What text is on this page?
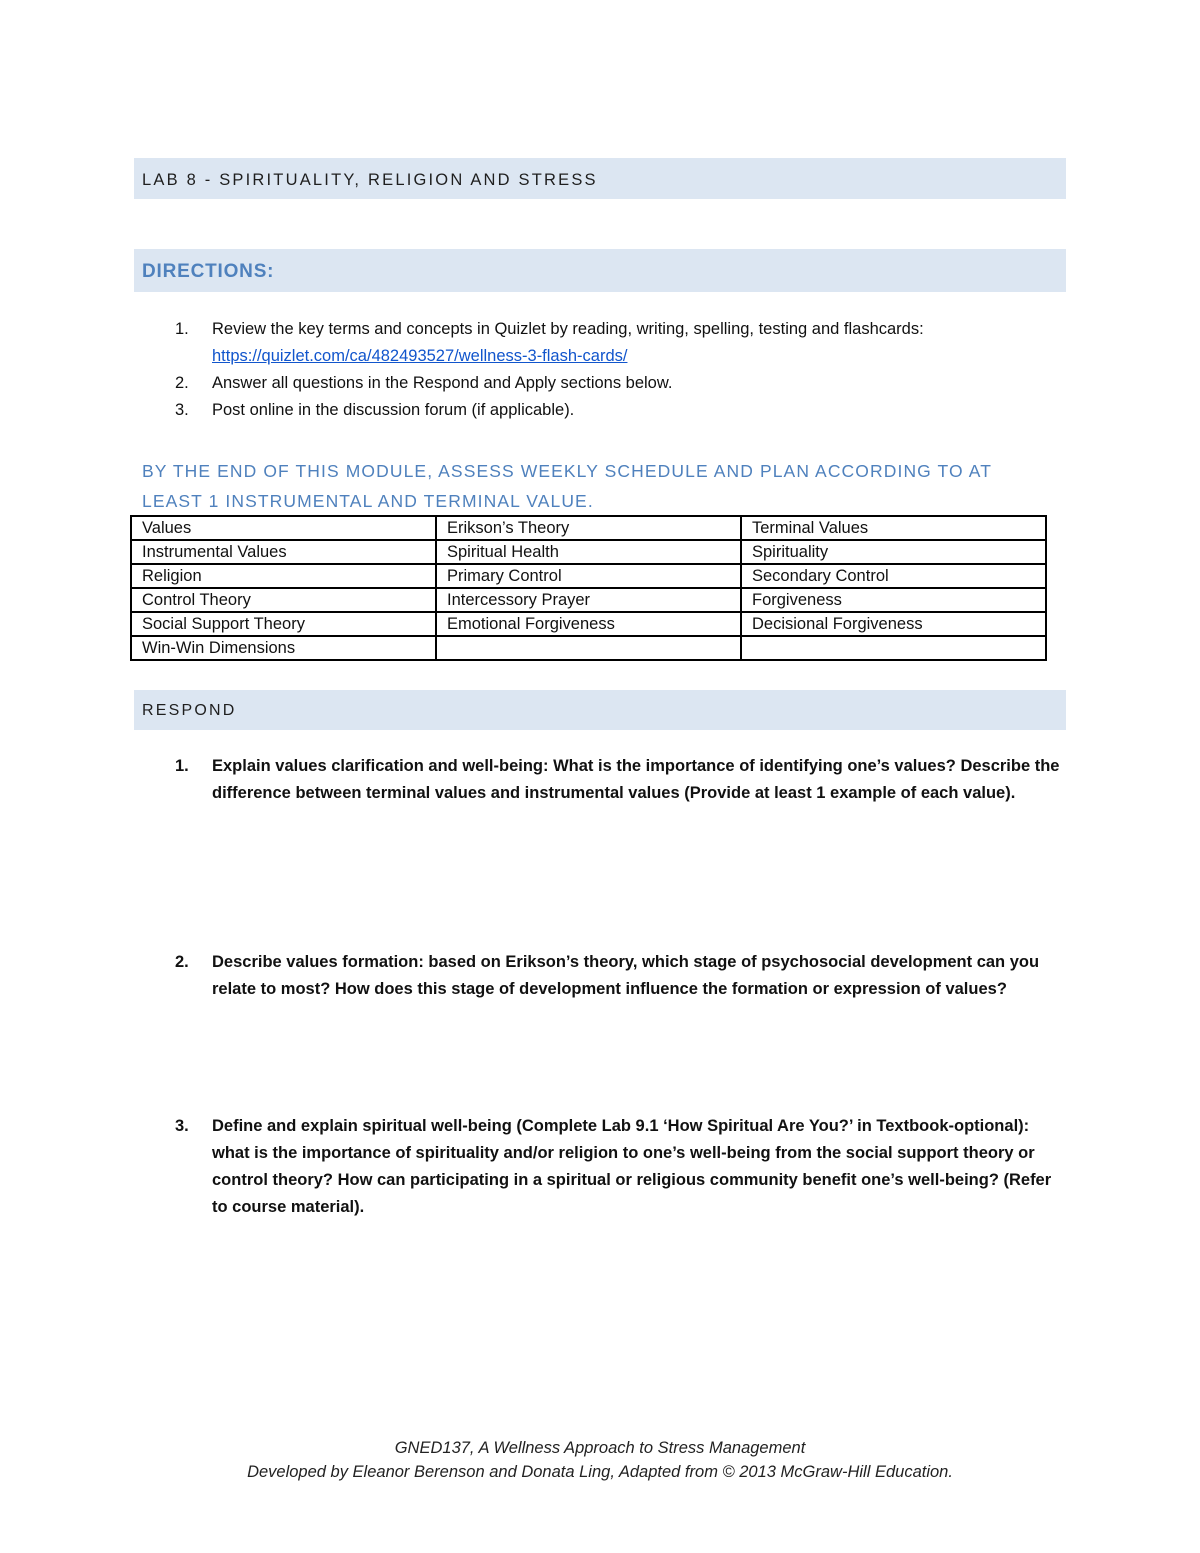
LAB 8 - SPIRITUALITY, RELIGION AND STRESS
DIRECTIONS:
1. Review the key terms and concepts in Quizlet by reading, writing, spelling, testing and flashcards:
https://quizlet.com/ca/482493527/wellness-3-flash-cards/
2. Answer all questions in the Respond and Apply sections below.
3. Post online in the discussion forum (if applicable).
BY THE END OF THIS MODULE, ASSESS WEEKLY SCHEDULE AND PLAN ACCORDING TO AT LEAST 1 INSTRUMENTAL AND TERMINAL VALUE.
Values	Erikson’s Theory	Terminal Values
Instrumental Values	Spiritual Health	Spirituality
Religion	Primary Control	Secondary Control
Control Theory	Intercessory Prayer	Forgiveness
Social Support Theory	Emotional Forgiveness	Decisional Forgiveness
Win-Win Dimensions		
RESPOND
1. Explain values clarification and well-being: What is the importance of identifying one’s values? Describe the difference between terminal values and instrumental values (Provide at least 1 example of each value).
2. Describe values formation: based on Erikson’s theory, which stage of psychosocial development can you relate to most? How does this stage of development influence the formation or expression of values?
3. Define and explain spiritual well-being (Complete Lab 9.1 ‘How Spiritual Are You?’ in Textbook-optional): what is the importance of spirituality and/or religion to one’s well-being from the social support theory or control theory? How can participating in a spiritual or religious community benefit one’s well-being? (Refer to course material).
GNED137, A Wellness Approach to Stress Management
Developed by Eleanor Berenson and Donata Ling, Adapted from © 2013 McGraw-Hill Education.
